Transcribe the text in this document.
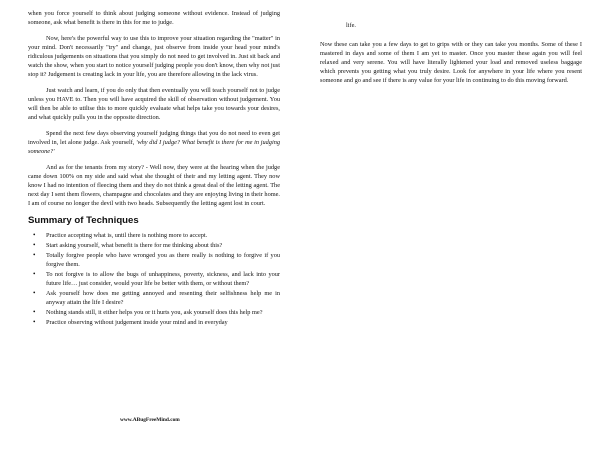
when you force yourself to think about judging someone without evidence. Instead of judging someone, ask what benefit is there in this for me to judge.

Now, here's the powerful way to use this to improve your situation regarding the "matter" in your mind. Don't necessarily "try" and change, just observe from inside your head your mind's ridiculous judgements on situations that you simply do not need to get involved in. Just sit back and watch the show, when you start to notice yourself judging people you don't know, then why not just stop it? Judgement is creating lack in your life, you are therefore allowing in the lack virus.

Just watch and learn, if you do only that then eventually you will teach yourself not to judge unless you HAVE to. Then you will have acquired the skill of observation without judgement. You will then be able to utilise this to more quickly evaluate what helps take you towards your desires, and what quickly pulls you in the opposite direction.

Spend the next few days observing yourself judging things that you do not need to even get involved in, let alone judge. Ask yourself, 'why did I judge? What benefit is there for me in judging someone?'

And as for the tenants from my story? - Well now, they were at the hearing when the judge came down 100% on my side and said what she thought of their and my letting agent. They now know I had no intention of fleecing them and they do not think a great deal of the letting agent. The next day I sent them flowers, champagne and chocolates and they are enjoying living in their home. I am of course no longer the devil with two heads. Subsequently the letting agent lost in court.

Summary of Techniques
• Practice accepting what is, until there is nothing more to accept.
• Start asking yourself, what benefit is there for me thinking about this?
• Totally forgive people who have wronged you as there really is nothing to forgive if you forgive them.
• To not forgive is to allow the bugs of unhappiness, poverty, sickness, and lack into your future life… just consider, would your life be better with them, or without them?
• Ask yourself how does me getting annoyed and resenting their selfishness help me in anyway attain the life I desire?
• Nothing stands still, it either helps you or it hurts you, ask yourself does this help me?
• Practice observing without judgement inside your mind and in everyday
life.

Now these can take you a few days to get to grips with or they can take you months. Some of these I mastered in days and some of them I am yet to master. Once you master these again you will feel relaxed and very serene. You will have literally lightened your load and removed useless baggage which prevents you getting what you truly desire. Look for anywhere in your life where you resent someone and go and see if there is any value for your life in continuing to do this moving forward.

www.ABugFreeMind.com
